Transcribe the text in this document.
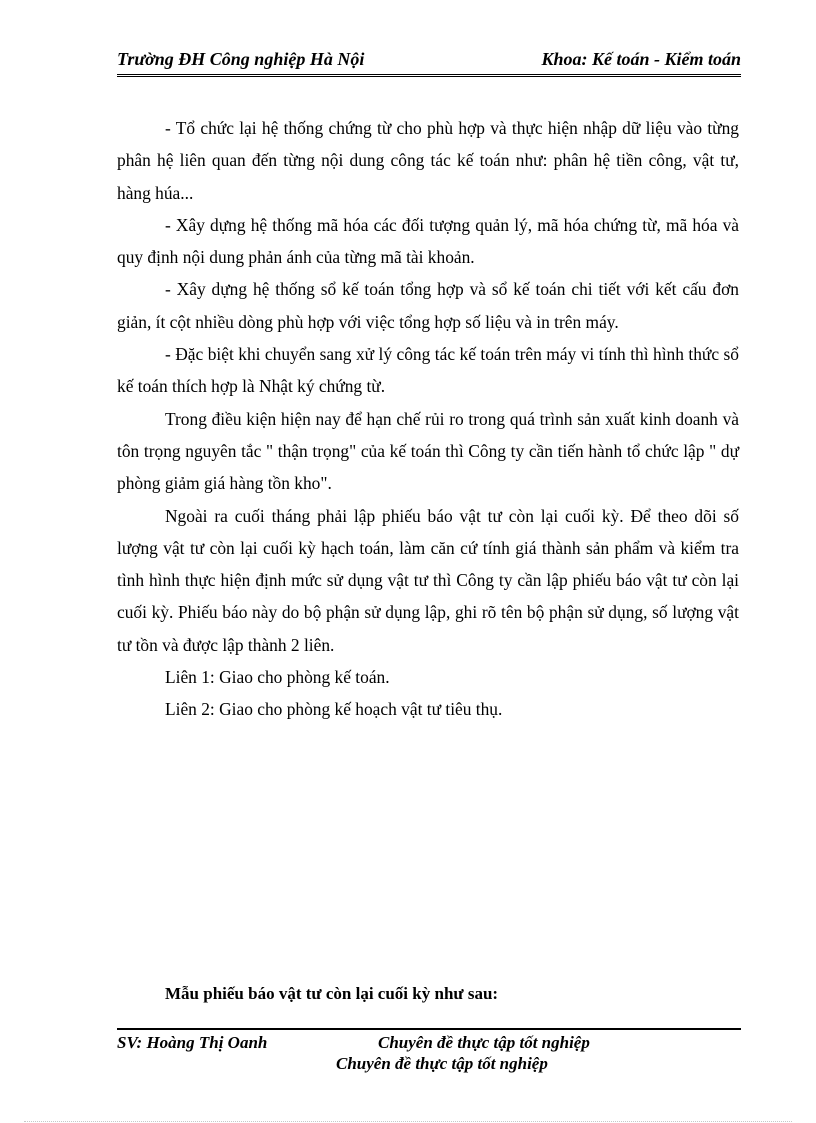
Trường ĐH Công nghiệp Hà Nội	Khoa: Kế toán - Kiểm toán

- Tổ chức lại hệ thống chứng từ cho phù hợp và thực hiện nhập dữ liệu vào từng phân hệ liên quan đến từng nội dung công tác kế toán như: phân hệ tiền công, vật tư, hàng húa...

- Xây dựng hệ thống mã hóa các đối tượng quản lý, mã hóa chứng từ, mã hóa và quy định nội dung phản ánh của từng mã tài khoản.

- Xây dựng hệ thống sổ kế toán tổng hợp và sổ kế toán chi tiết với kết cấu đơn giản, ít cột nhiều dòng phù hợp với việc tổng hợp số liệu và in trên máy.

- Đặc biệt khi chuyển sang xử lý công tác kế toán trên máy vi tính thì hình thức sổ kế toán thích hợp là Nhật ký chứng từ.

Trong điều kiện hiện nay để hạn chế rủi ro trong quá trình sản xuất kinh doanh và tôn trọng nguyên tắc " thận trọng" của kế toán thì Công ty cần tiến hành tổ chức lập " dự phòng giảm giá hàng tồn kho".

Ngoài ra cuối tháng phải lập phiếu báo vật tư còn lại cuối kỳ. Để theo dõi số lượng vật tư còn lại cuối kỳ hạch toán, làm căn cứ tính giá thành sản phẩm và kiểm tra tình hình thực hiện định mức sử dụng vật tư thì Công ty cần lập phiếu báo vật tư còn lại cuối kỳ. Phiếu báo này do bộ phận sử dụng lập, ghi rõ tên bộ phận sử dụng, số lượng vật tư tồn và được lập thành 2 liên.

Liên 1: Giao cho phòng kế toán.

Liên 2: Giao cho phòng kế hoạch vật tư tiêu thụ.

Mẫu phiếu báo vật tư còn lại cuối kỳ như sau:
SV: Hoàng Thị Oanh	Chuyên đề thực tập tốt nghiệp
Chuyên đề thực tập tốt nghiệp
